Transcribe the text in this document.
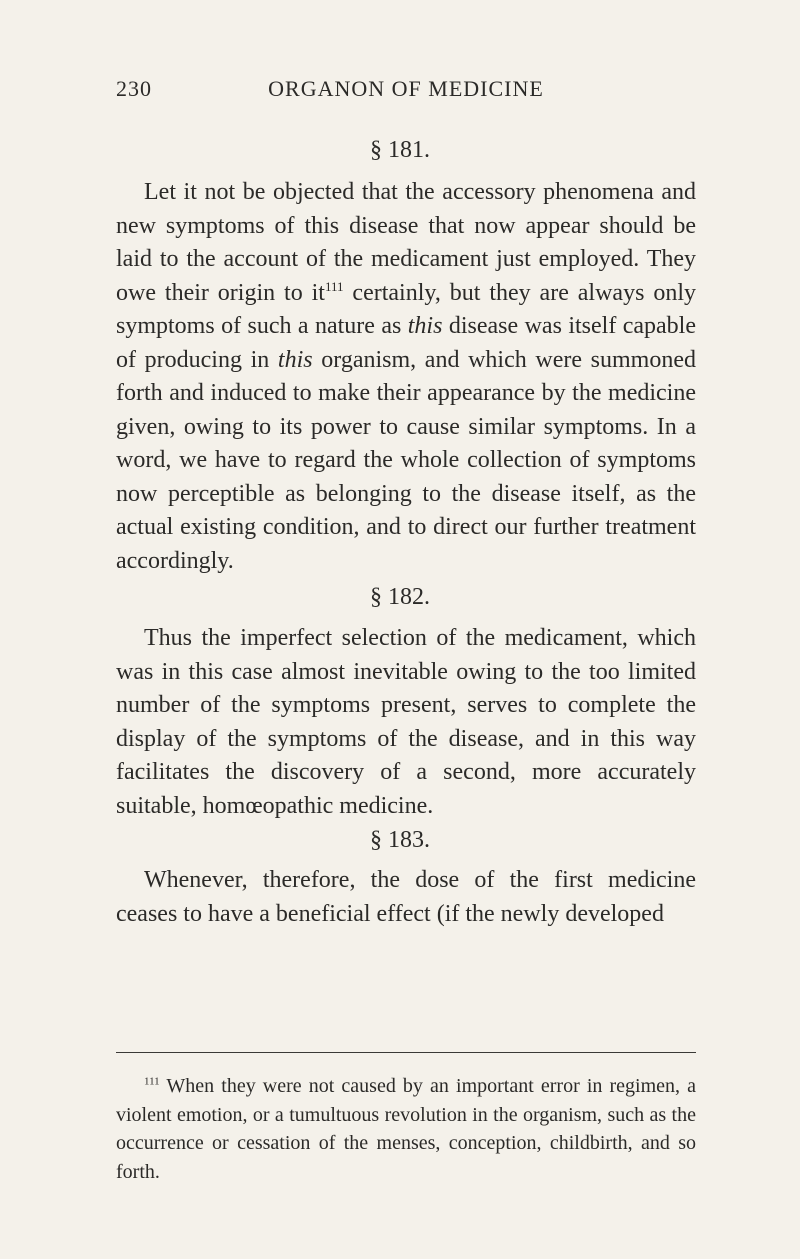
230	ORGANON OF MEDICINE
§ 181.

Let it not be objected that the accessory phenomena and new symptoms of this disease that now appear should be laid to the account of the medicament just employed. They owe their origin to $it^{111}$ certainly, but they are always only symptoms of such a nature as this disease was itself capable of producing in this organism, and which were summoned forth and induced to make their appearance by the medicine given, owing to its power to cause similar symptoms. In a word, we have to regard the whole collection of symptoms now perceptible as belonging to the disease itself, as the actual existing condition, and to direct our further treatment accordingly.

§ 182.

Thus the imperfect selection of the medicament, which was in this case almost inevitable owing to the too limited number of the symptoms present, serves to complete the display of the symptoms of the disease, and in this way facilitates the discovery of a second, more accurately suitable, homœopathic medicine.

§ 183.

Whenever, therefore, the dose of the first medicine ceases to have a beneficial effect (if the newly developed

$^{111}$ When they were not caused by an important error in regimen, a violent emotion, or a tumultuous revolution in the organism, such as the occurrence or cessation of the menses, conception, childbirth, and so forth.
